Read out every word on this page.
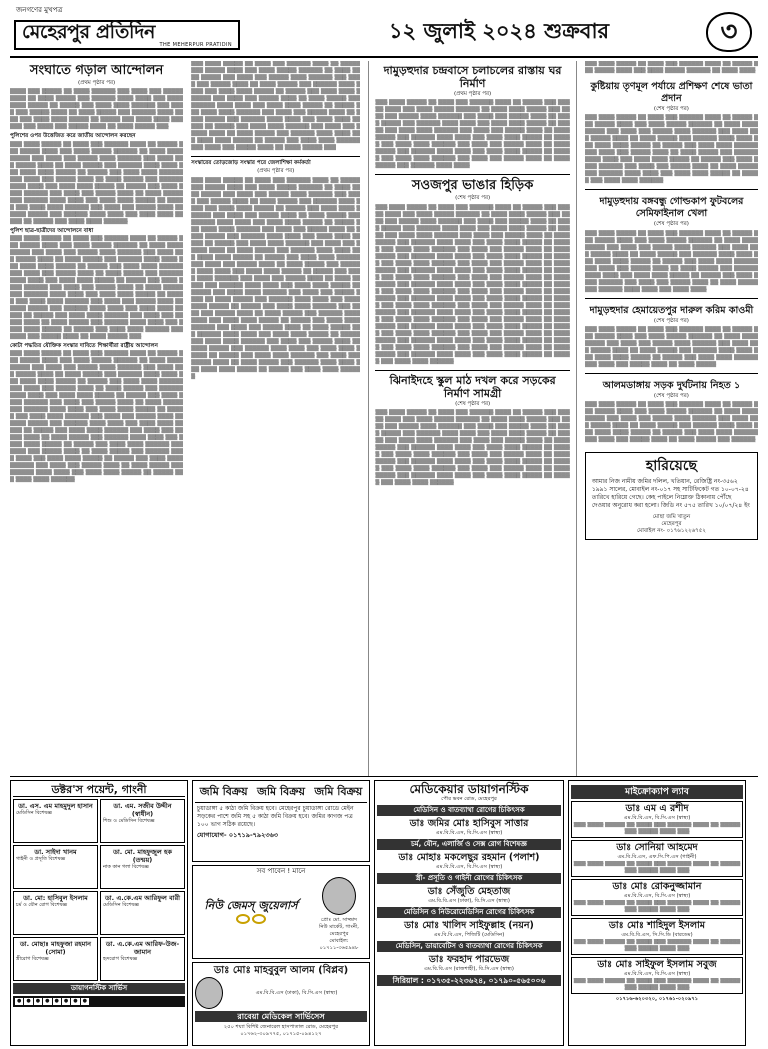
জনগণের মুখপত্র
মেহেরপুর প্রতিদিন
THE MEHERPUR PRATIDIN
১২ জুলাই ২০২৪ শুক্রবার	৩
সংঘাতে গড়াল আন্দোলন
(প্রথম পৃষ্ঠার পর)
▒▒▒▒ ▒▒▒ ▒▒▒▒▒ ▒▒ ▒▒▒▒ ▒▒▒▒▒▒ ▒▒▒ ▒▒▒▒ ▒▒▒ ▒▒▒▒▒ ▒▒▒▒ ▒▒ ▒▒▒▒ ▒▒▒▒▒ ▒▒▒ ▒▒▒▒▒▒ ▒▒▒▒ ▒▒▒▒ ▒▒▒ ▒▒▒▒ ▒▒▒▒ ▒▒▒▒▒ ▒▒ ▒▒▒▒▒ ▒▒▒ ▒▒▒▒ ▒▒▒▒ ▒▒▒▒▒▒ ▒▒▒ ▒▒▒▒ ▒▒▒ ▒▒▒▒▒ ▒▒▒▒ ▒▒ ▒▒▒▒ ▒▒▒▒▒ ▒▒▒ ▒▒▒▒▒▒ ▒▒▒▒ ▒▒▒▒ ▒▒▒ ▒▒▒▒ ▒▒▒▒ ▒▒▒▒▒ ▒▒ ▒▒▒▒▒ ▒▒▒ ▒▒▒▒ ▒▒▒▒ ▒▒▒▒▒▒ ▒▒▒ ▒▒▒▒ ▒▒▒ ▒▒▒▒▒ ▒▒▒▒ ▒▒ ▒▒▒▒ ▒▒▒▒▒ ▒▒▒
পুলিশের ওপর উত্তেজিত করে জাতীয় আন্দোলন করছেন
▒▒▒ ▒▒▒▒ ▒▒▒▒▒ ▒▒ ▒▒▒▒ ▒▒▒ ▒▒▒▒▒▒ ▒▒▒▒ ▒▒ ▒▒▒▒▒ ▒▒▒ ▒▒▒▒▒ ▒▒▒▒ ▒▒▒ ▒▒▒▒ ▒▒▒▒▒ ▒▒▒▒▒▒ ▒▒ ▒▒▒▒ ▒▒▒▒ ▒▒▒▒▒ ▒▒▒ ▒▒▒▒ ▒▒▒ ▒▒▒▒▒ ▒▒▒▒ ▒▒▒▒▒▒ ▒▒▒ ▒▒▒▒ ▒▒▒ ▒▒▒▒▒ ▒▒▒▒ ▒▒ ▒▒▒▒ ▒▒▒▒▒ ▒▒▒ ▒▒▒▒▒▒ ▒▒▒▒ ▒▒▒▒ ▒▒▒ ▒▒▒▒ ▒▒▒▒ ▒▒▒▒▒ ▒▒ ▒▒▒▒▒ ▒▒▒ ▒▒▒▒ ▒▒▒▒ ▒▒▒▒▒▒ ▒▒▒ ▒▒▒▒ ▒▒▒ ▒▒▒▒▒ ▒▒▒▒ ▒▒ ▒▒▒▒ ▒▒▒▒▒ ▒▒▒ ▒▒▒▒▒▒ ▒▒▒▒ ▒▒▒▒ ▒▒▒ ▒▒▒▒ ▒▒▒▒ ▒▒▒▒▒ ▒▒ ▒▒▒▒▒ ▒▒▒ ▒▒▒▒ ▒▒▒▒ ▒▒▒▒▒▒ ▒▒▒ ▒▒▒▒ ▒▒▒ ▒▒▒▒▒ ▒▒▒▒ ▒▒ ▒▒▒▒ ▒▒▒▒▒ ▒▒▒ ▒▒▒▒▒▒ ▒▒▒▒ ▒▒▒▒ ▒▒▒ ▒▒▒▒ ▒▒▒▒ ▒▒▒▒▒ ▒▒ ▒▒▒▒▒ ▒▒▒ ▒▒▒▒ ▒▒▒▒ ▒▒▒▒▒▒ ▒▒▒ ▒▒▒▒ ▒▒▒ ▒▒▒▒▒ ▒▒▒▒ ▒▒ ▒▒▒▒ ▒▒▒▒▒ ▒▒▒ ▒▒▒▒▒▒ ▒▒▒▒ ▒▒▒▒ ▒▒▒ ▒▒▒▒ ▒▒▒▒ ▒▒▒▒▒ ▒▒ ▒▒▒▒▒ ▒▒▒ ▒▒▒▒ ▒▒▒▒ ▒▒▒▒▒▒
পুলিশ ছাত্র-ছাত্রীদের আন্দোলনে বাধা
▒▒▒ ▒▒▒▒ ▒▒▒▒▒ ▒▒ ▒▒▒▒ ▒▒▒ ▒▒▒▒▒▒ ▒▒▒▒ ▒▒ ▒▒▒▒▒ ▒▒▒ ▒▒▒▒▒ ▒▒▒▒ ▒▒▒ ▒▒▒▒ ▒▒▒▒▒ ▒▒▒▒▒▒ ▒▒ ▒▒▒▒ ▒▒▒▒ ▒▒▒▒▒ ▒▒▒ ▒▒▒▒ ▒▒▒ ▒▒▒▒▒ ▒▒▒▒ ▒▒▒▒▒▒ ▒▒▒ ▒▒▒▒ ▒▒▒ ▒▒▒▒▒ ▒▒▒▒ ▒▒ ▒▒▒▒ ▒▒▒▒▒ ▒▒▒ ▒▒▒▒▒▒ ▒▒▒▒ ▒▒▒▒ ▒▒▒ ▒▒▒▒ ▒▒▒▒ ▒▒▒▒▒ ▒▒ ▒▒▒▒▒ ▒▒▒ ▒▒▒▒ ▒▒▒▒ ▒▒▒▒▒▒ ▒▒▒ ▒▒▒▒ ▒▒▒ ▒▒▒▒▒ ▒▒▒▒ ▒▒ ▒▒▒▒ ▒▒▒▒▒ ▒▒▒ ▒▒▒▒▒▒ ▒▒▒▒ ▒▒▒▒ ▒▒▒ ▒▒▒▒ ▒▒▒▒ ▒▒▒▒▒ ▒▒ ▒▒▒▒▒ ▒▒▒ ▒▒▒▒ ▒▒▒▒ ▒▒▒▒▒▒ ▒▒▒ ▒▒▒▒ ▒▒▒ ▒▒▒▒▒ ▒▒▒▒ ▒▒ ▒▒▒▒ ▒▒▒▒▒ ▒▒▒ ▒▒▒▒▒▒ ▒▒▒▒ ▒▒▒▒ ▒▒▒ ▒▒▒▒ ▒▒▒▒ ▒▒▒▒▒ ▒▒ ▒▒▒▒▒ ▒▒▒ ▒▒▒▒ ▒▒▒▒ ▒▒▒▒▒▒ ▒▒▒ ▒▒▒▒ ▒▒▒ ▒▒▒▒▒ ▒▒▒▒ ▒▒ ▒▒▒▒ ▒▒▒▒▒ ▒▒▒ ▒▒▒▒▒▒ ▒▒▒▒ ▒▒▒▒ ▒▒▒ ▒▒▒▒ ▒▒▒▒ ▒▒▒▒▒ ▒▒ ▒▒▒▒▒ ▒▒▒ ▒▒▒▒ ▒▒▒▒ ▒▒▒▒▒▒ ▒▒▒ ▒▒▒▒ ▒▒▒ ▒▒▒▒▒ ▒▒▒▒ ▒▒ ▒▒▒▒ ▒▒▒▒▒ ▒▒▒ ▒▒▒▒▒▒ ▒▒▒▒ ▒▒▒▒ ▒▒▒ ▒▒▒▒ ▒▒▒▒ ▒▒▒▒▒ ▒▒ ▒▒▒▒▒ ▒▒▒ ▒▒▒▒ ▒▒▒▒ ▒▒▒▒▒▒ ▒▒▒ ▒▒▒▒ ▒▒▒ ▒▒▒▒▒ ▒▒▒▒ ▒▒ ▒▒▒▒ ▒▒▒▒▒ ▒▒▒
কোটা পদ্ধতির যৌক্তিক সংস্কার দাবিতে শিক্ষার্থীরা রাষ্ট্রীয় আন্দোলন
▒▒▒ ▒▒▒▒ ▒▒▒▒▒ ▒▒ ▒▒▒▒ ▒▒▒ ▒▒▒▒▒▒ ▒▒▒▒ ▒▒ ▒▒▒▒▒ ▒▒▒ ▒▒▒▒▒ ▒▒▒▒ ▒▒▒ ▒▒▒▒ ▒▒▒▒▒ ▒▒▒▒▒▒ ▒▒ ▒▒▒▒ ▒▒▒▒ ▒▒▒▒▒ ▒▒▒ ▒▒▒▒ ▒▒▒ ▒▒▒▒▒ ▒▒▒▒ ▒▒▒▒▒▒ ▒▒▒ ▒▒▒▒ ▒▒▒ ▒▒▒▒▒ ▒▒▒▒ ▒▒ ▒▒▒▒ ▒▒▒▒▒ ▒▒▒ ▒▒▒▒▒▒ ▒▒▒▒ ▒▒▒▒ ▒▒▒ ▒▒▒▒ ▒▒▒▒ ▒▒▒▒▒ ▒▒ ▒▒▒▒▒ ▒▒▒ ▒▒▒▒ ▒▒▒▒ ▒▒▒▒▒▒ ▒▒▒ ▒▒▒▒ ▒▒▒ ▒▒▒▒▒ ▒▒▒▒ ▒▒ ▒▒▒▒ ▒▒▒▒▒ ▒▒▒ ▒▒▒▒▒▒ ▒▒▒▒ ▒▒▒▒ ▒▒▒ ▒▒▒▒ ▒▒▒▒ ▒▒▒▒▒ ▒▒ ▒▒▒▒▒ ▒▒▒ ▒▒▒▒ ▒▒▒▒ ▒▒▒▒▒▒ ▒▒▒ ▒▒▒▒ ▒▒▒ ▒▒▒▒▒ ▒▒▒▒ ▒▒ ▒▒▒▒ ▒▒▒▒▒ ▒▒▒ ▒▒▒▒▒▒ ▒▒▒▒ ▒▒▒▒ ▒▒▒ ▒▒▒▒ ▒▒▒▒ ▒▒▒▒▒ ▒▒ ▒▒▒▒▒ ▒▒▒ ▒▒▒▒ ▒▒▒▒ ▒▒▒▒▒▒ ▒▒▒ ▒▒▒▒ ▒▒▒ ▒▒▒▒▒ ▒▒▒▒ ▒▒ ▒▒▒▒ ▒▒▒▒▒ ▒▒▒ ▒▒▒▒▒▒ ▒▒▒▒ ▒▒▒▒ ▒▒▒ ▒▒▒▒ ▒▒▒▒ ▒▒▒▒▒ ▒▒ ▒▒▒▒▒ ▒▒▒ ▒▒▒▒ ▒▒▒▒ ▒▒▒▒▒▒ ▒▒▒ ▒▒▒▒ ▒▒▒ ▒▒▒▒▒ ▒▒▒▒ ▒▒ ▒▒▒▒ ▒▒▒▒▒ ▒▒▒ ▒▒▒▒▒▒ ▒▒▒▒ ▒▒▒▒ ▒▒▒ ▒▒▒▒ ▒▒▒▒ ▒▒▒▒▒ ▒▒ ▒▒▒▒▒ ▒▒▒ ▒▒▒▒ ▒▒▒▒ ▒▒▒▒▒▒ ▒▒▒ ▒▒▒▒ ▒▒▒ ▒▒▒▒▒ ▒▒▒▒ ▒▒ ▒▒▒▒ ▒▒▒▒▒ ▒▒▒ ▒▒▒▒▒▒ ▒▒▒▒ ▒▒▒▒ ▒▒▒ ▒▒▒▒ ▒▒▒▒ ▒▒▒▒▒ ▒▒ ▒▒▒▒▒ ▒▒▒ ▒▒▒▒ ▒▒▒▒ ▒▒▒▒▒▒ ▒▒▒ ▒▒▒▒ ▒▒▒ ▒▒▒▒▒ ▒▒▒▒ ▒▒ ▒▒▒▒ ▒▒▒▒▒ ▒▒▒ ▒▒▒▒▒▒ ▒▒▒▒ ▒▒▒▒ ▒▒▒ ▒▒▒▒ ▒▒▒▒ ▒▒▒▒▒ ▒▒ ▒▒▒▒▒ ▒▒▒ ▒▒▒▒ ▒▒▒▒ ▒▒▒▒▒▒
▒▒▒ ▒▒▒▒ ▒▒▒▒▒ ▒▒ ▒▒▒▒ ▒▒▒ ▒▒▒▒▒▒ ▒▒▒▒ ▒▒ ▒▒▒▒▒ ▒▒▒ ▒▒▒▒▒ ▒▒▒▒ ▒▒▒ ▒▒▒▒ ▒▒▒▒▒ ▒▒▒▒▒▒ ▒▒ ▒▒▒▒ ▒▒▒▒ ▒▒▒▒▒ ▒▒▒ ▒▒▒▒ ▒▒▒ ▒▒▒▒▒ ▒▒▒▒ ▒▒▒▒▒▒ ▒▒▒ ▒▒▒▒ ▒▒▒ ▒▒▒▒▒ ▒▒▒▒ ▒▒ ▒▒▒▒ ▒▒▒▒▒ ▒▒▒ ▒▒▒▒▒▒ ▒▒▒▒ ▒▒▒▒ ▒▒▒ ▒▒▒▒ ▒▒▒▒ ▒▒▒▒▒ ▒▒ ▒▒▒▒▒ ▒▒▒ ▒▒▒▒ ▒▒▒▒ ▒▒▒▒▒▒ ▒▒▒ ▒▒▒▒ ▒▒▒ ▒▒▒▒▒ ▒▒▒▒ ▒▒ ▒▒▒▒ ▒▒▒▒▒ ▒▒▒ ▒▒▒▒▒▒ ▒▒▒▒ ▒▒▒▒ ▒▒▒ ▒▒▒▒ ▒▒▒▒ ▒▒▒▒▒ ▒▒ ▒▒▒▒▒ ▒▒▒ ▒▒▒▒ ▒▒▒▒ ▒▒▒▒▒▒ ▒▒▒ ▒▒▒▒ ▒▒▒ ▒▒▒▒▒ ▒▒▒▒ ▒▒ ▒▒▒▒ ▒▒▒▒▒ ▒▒▒ ▒▒▒▒▒▒ ▒▒▒▒ ▒▒▒▒ ▒▒▒ ▒▒▒▒ ▒▒▒▒ ▒▒▒▒▒ ▒▒ ▒▒▒▒▒ ▒▒▒ ▒▒▒▒ ▒▒▒▒ ▒▒▒▒▒▒ ▒▒▒ ▒▒▒▒ ▒▒▒ ▒▒▒▒▒ ▒▒▒▒ ▒▒ ▒▒▒▒ ▒▒▒▒▒ ▒▒▒ ▒▒▒▒▒▒ ▒▒▒▒ ▒▒▒▒ ▒▒▒ ▒▒▒▒ ▒▒▒▒ ▒▒▒▒▒ ▒▒ ▒▒▒▒▒ ▒▒▒ ▒▒▒▒ ▒▒▒▒ ▒▒▒▒▒▒ ▒▒▒ ▒▒▒▒ ▒▒▒ ▒▒▒▒▒ ▒▒▒▒ ▒▒ ▒▒▒▒ ▒▒▒▒▒ ▒▒▒
সংস্কারের তোড়জোড় সংস্কার পরে জেলাশিক্ষা কর্মকর্তা
(প্রথম পৃষ্ঠার পর)
▒▒▒ ▒▒▒▒ ▒▒▒▒▒ ▒▒ ▒▒▒▒ ▒▒▒ ▒▒▒▒▒▒ ▒▒▒▒ ▒▒ ▒▒▒▒▒ ▒▒▒ ▒▒▒▒▒ ▒▒▒▒ ▒▒▒ ▒▒▒▒ ▒▒▒▒▒ ▒▒▒▒▒▒ ▒▒ ▒▒▒▒ ▒▒▒▒ ▒▒▒▒▒ ▒▒▒ ▒▒▒▒ ▒▒▒ ▒▒▒▒▒ ▒▒▒▒ ▒▒▒▒▒▒ ▒▒▒ ▒▒▒▒ ▒▒▒ ▒▒▒▒▒ ▒▒▒▒ ▒▒ ▒▒▒▒ ▒▒▒▒▒ ▒▒▒ ▒▒▒▒▒▒ ▒▒▒▒ ▒▒▒▒ ▒▒▒ ▒▒▒▒ ▒▒▒▒ ▒▒▒▒▒ ▒▒ ▒▒▒▒▒ ▒▒▒ ▒▒▒▒ ▒▒▒▒ ▒▒▒▒▒▒ ▒▒▒ ▒▒▒▒ ▒▒▒ ▒▒▒▒▒ ▒▒▒▒ ▒▒ ▒▒▒▒ ▒▒▒▒▒ ▒▒▒ ▒▒▒▒▒▒ ▒▒▒▒ ▒▒▒▒ ▒▒▒ ▒▒▒▒ ▒▒▒▒ ▒▒▒▒▒ ▒▒ ▒▒▒▒▒ ▒▒▒ ▒▒▒▒ ▒▒▒▒ ▒▒▒▒▒▒ ▒▒▒ ▒▒▒▒ ▒▒▒ ▒▒▒▒▒ ▒▒▒▒ ▒▒ ▒▒▒▒ ▒▒▒▒▒ ▒▒▒ ▒▒▒▒▒▒ ▒▒▒▒ ▒▒▒▒ ▒▒▒ ▒▒▒▒ ▒▒▒▒ ▒▒▒▒▒ ▒▒ ▒▒▒▒▒ ▒▒▒ ▒▒▒▒ ▒▒▒▒ ▒▒▒▒▒▒ ▒▒▒ ▒▒▒▒ ▒▒▒ ▒▒▒▒▒ ▒▒▒▒ ▒▒ ▒▒▒▒ ▒▒▒▒▒ ▒▒▒ ▒▒▒▒▒▒ ▒▒▒▒ ▒▒▒▒ ▒▒▒ ▒▒▒▒ ▒▒▒▒ ▒▒▒▒▒ ▒▒ ▒▒▒▒▒ ▒▒▒ ▒▒▒▒ ▒▒▒▒ ▒▒▒▒▒▒ ▒▒▒ ▒▒▒▒ ▒▒▒ ▒▒▒▒▒ ▒▒▒▒ ▒▒ ▒▒▒▒ ▒▒▒▒▒ ▒▒▒ ▒▒▒▒▒▒ ▒▒▒▒ ▒▒▒▒ ▒▒▒ ▒▒▒▒ ▒▒▒▒ ▒▒▒▒▒ ▒▒ ▒▒▒▒▒ ▒▒▒ ▒▒▒▒ ▒▒▒▒ ▒▒▒▒▒▒ ▒▒▒ ▒▒▒▒ ▒▒▒ ▒▒▒▒▒ ▒▒▒▒ ▒▒ ▒▒▒▒ ▒▒▒▒▒ ▒▒▒ ▒▒▒▒▒▒ ▒▒▒▒ ▒▒▒▒ ▒▒▒ ▒▒▒▒ ▒▒▒▒ ▒▒▒▒▒ ▒▒ ▒▒▒▒▒ ▒▒▒ ▒▒▒▒ ▒▒▒▒ ▒▒▒▒▒▒ ▒▒▒ ▒▒▒▒ ▒▒▒ ▒▒▒▒▒ ▒▒▒▒ ▒▒ ▒▒▒▒ ▒▒▒▒▒ ▒▒▒ ▒▒▒▒▒▒ ▒▒▒▒ ▒▒▒▒ ▒▒▒ ▒▒▒▒ ▒▒▒▒ ▒▒▒▒▒ ▒▒ ▒▒▒▒▒ ▒▒▒ ▒▒▒▒ ▒▒▒▒ ▒▒▒▒▒▒ ▒▒▒ ▒▒▒▒ ▒▒▒ ▒▒▒▒▒ ▒▒▒▒ ▒▒ ▒▒▒▒ ▒▒▒▒▒ ▒▒▒ ▒▒▒▒▒▒ ▒▒▒▒ ▒▒▒▒ ▒▒▒ ▒▒▒▒ ▒▒▒▒ ▒▒▒▒▒ ▒▒ ▒▒▒▒▒ ▒▒▒ ▒▒▒▒ ▒▒▒▒ ▒▒▒▒▒▒ ▒▒▒ ▒▒▒▒ ▒▒▒ ▒▒▒▒▒ ▒▒▒▒ ▒▒ ▒▒▒▒ ▒▒▒▒▒ ▒▒▒ ▒▒▒▒▒▒ ▒▒▒▒ ▒▒▒▒ ▒▒▒ ▒▒▒▒ ▒▒▒▒ ▒▒▒▒▒ ▒▒ ▒▒▒▒▒ ▒▒▒ ▒▒▒▒ ▒▒▒▒ ▒▒▒▒▒▒ ▒▒▒ ▒▒▒▒ ▒▒▒ ▒▒▒▒▒ ▒▒▒▒ ▒▒ ▒▒▒▒ ▒▒▒▒▒ ▒▒▒ ▒▒▒▒▒▒ ▒▒▒▒ ▒▒▒▒ ▒▒▒ ▒▒▒▒ ▒▒▒▒ ▒▒▒▒▒ ▒▒ ▒▒▒▒▒ ▒▒▒ ▒▒▒▒ ▒▒▒▒ ▒▒▒▒▒▒ ▒▒▒ ▒▒▒▒ ▒▒▒ ▒▒▒▒▒ ▒▒▒▒ ▒▒ ▒▒▒▒ ▒▒▒▒▒ ▒▒▒ ▒▒▒▒▒▒ ▒▒▒▒ ▒▒▒▒ ▒▒▒ ▒▒▒▒ ▒▒▒▒ ▒▒▒▒▒ ▒▒ ▒▒▒▒▒ ▒▒▒ ▒▒▒▒ ▒▒▒▒ ▒▒▒▒▒▒
দামুড়হুদার চন্দ্রবাসে চলাচলের রাস্তায় ঘর নির্মাণ
(প্রথম পৃষ্ঠার পর)
▒▒▒ ▒▒▒▒ ▒▒▒▒▒ ▒▒ ▒▒▒▒ ▒▒▒ ▒▒▒▒▒▒ ▒▒▒▒ ▒▒ ▒▒▒▒▒ ▒▒▒ ▒▒▒▒▒ ▒▒▒▒ ▒▒▒ ▒▒▒▒ ▒▒▒▒▒ ▒▒▒▒▒▒ ▒▒ ▒▒▒▒ ▒▒▒▒ ▒▒▒▒▒ ▒▒▒ ▒▒▒▒ ▒▒▒ ▒▒▒▒▒ ▒▒▒▒ ▒▒▒▒▒▒ ▒▒▒ ▒▒▒▒ ▒▒▒ ▒▒▒▒▒ ▒▒▒▒ ▒▒ ▒▒▒▒ ▒▒▒▒▒ ▒▒▒ ▒▒▒▒▒▒ ▒▒▒▒ ▒▒▒▒ ▒▒▒ ▒▒▒▒ ▒▒▒▒ ▒▒▒▒▒ ▒▒ ▒▒▒▒▒ ▒▒▒ ▒▒▒▒ ▒▒▒▒ ▒▒▒▒▒▒ ▒▒▒ ▒▒▒▒ ▒▒▒ ▒▒▒▒▒ ▒▒▒▒ ▒▒ ▒▒▒▒ ▒▒▒▒▒ ▒▒▒ ▒▒▒▒▒▒ ▒▒▒▒ ▒▒▒▒ ▒▒▒ ▒▒▒▒ ▒▒▒▒ ▒▒▒▒▒ ▒▒ ▒▒▒▒▒ ▒▒▒ ▒▒▒▒ ▒▒▒▒ ▒▒▒▒▒▒ ▒▒▒ ▒▒▒▒ ▒▒▒ ▒▒▒▒▒ ▒▒▒▒ ▒▒ ▒▒▒▒ ▒▒▒▒▒ ▒▒▒ ▒▒▒▒▒▒ ▒▒▒▒ ▒▒▒▒ ▒▒▒ ▒▒▒▒ ▒▒▒▒ ▒▒▒▒▒ ▒▒ ▒▒▒▒▒ ▒▒▒ ▒▒▒▒ ▒▒▒▒ ▒▒▒▒▒▒ ▒▒▒ ▒▒▒▒ ▒▒▒ ▒▒▒▒▒ ▒▒▒▒ ▒▒ ▒▒▒▒ ▒▒▒▒▒ ▒▒▒ ▒▒▒▒▒▒ ▒▒▒▒ ▒▒▒▒
সওজপুর ভাঙার হিড়িক
(শেষ পৃষ্ঠার পর)
▒▒▒ ▒▒▒▒ ▒▒▒▒▒ ▒▒ ▒▒▒▒ ▒▒▒ ▒▒▒▒▒▒ ▒▒▒▒ ▒▒ ▒▒▒▒▒ ▒▒▒ ▒▒▒▒▒ ▒▒▒▒ ▒▒▒ ▒▒▒▒ ▒▒▒▒▒ ▒▒▒▒▒▒ ▒▒ ▒▒▒▒ ▒▒▒▒ ▒▒▒▒▒ ▒▒▒ ▒▒▒▒ ▒▒▒ ▒▒▒▒▒ ▒▒▒▒ ▒▒▒▒▒▒ ▒▒▒ ▒▒▒▒ ▒▒▒ ▒▒▒▒▒ ▒▒▒▒ ▒▒ ▒▒▒▒ ▒▒▒▒▒ ▒▒▒ ▒▒▒▒▒▒ ▒▒▒▒ ▒▒▒▒ ▒▒▒ ▒▒▒▒ ▒▒▒▒ ▒▒▒▒▒ ▒▒ ▒▒▒▒▒ ▒▒▒ ▒▒▒▒ ▒▒▒▒ ▒▒▒▒▒▒ ▒▒▒ ▒▒▒▒ ▒▒▒ ▒▒▒▒▒ ▒▒▒▒ ▒▒ ▒▒▒▒ ▒▒▒▒▒ ▒▒▒ ▒▒▒▒▒▒ ▒▒▒▒ ▒▒▒▒ ▒▒▒ ▒▒▒▒ ▒▒▒▒ ▒▒▒▒▒ ▒▒ ▒▒▒▒▒ ▒▒▒ ▒▒▒▒ ▒▒▒▒ ▒▒▒▒▒▒ ▒▒▒ ▒▒▒▒ ▒▒▒ ▒▒▒▒▒ ▒▒▒▒ ▒▒ ▒▒▒▒ ▒▒▒▒▒ ▒▒▒ ▒▒▒▒▒▒ ▒▒▒▒ ▒▒▒▒ ▒▒▒ ▒▒▒▒ ▒▒▒▒ ▒▒▒▒▒ ▒▒ ▒▒▒▒▒ ▒▒▒ ▒▒▒▒ ▒▒▒▒ ▒▒▒▒▒▒ ▒▒▒ ▒▒▒▒ ▒▒▒ ▒▒▒▒▒ ▒▒▒▒ ▒▒ ▒▒▒▒ ▒▒▒▒▒ ▒▒▒ ▒▒▒▒▒▒ ▒▒▒▒ ▒▒▒▒ ▒▒▒ ▒▒▒▒ ▒▒▒▒ ▒▒▒▒▒ ▒▒ ▒▒▒▒▒ ▒▒▒ ▒▒▒▒ ▒▒▒▒ ▒▒▒▒▒▒ ▒▒▒ ▒▒▒▒ ▒▒▒ ▒▒▒▒▒ ▒▒▒▒ ▒▒ ▒▒▒▒ ▒▒▒▒▒ ▒▒▒ ▒▒▒▒▒▒ ▒▒▒▒ ▒▒▒▒ ▒▒▒ ▒▒▒▒ ▒▒▒▒ ▒▒▒▒▒ ▒▒ ▒▒▒▒▒ ▒▒▒ ▒▒▒▒ ▒▒▒▒ ▒▒▒▒▒▒ ▒▒▒ ▒▒▒▒ ▒▒▒ ▒▒▒▒▒ ▒▒▒▒ ▒▒ ▒▒▒▒ ▒▒▒▒▒ ▒▒▒ ▒▒▒▒▒▒ ▒▒▒▒ ▒▒▒▒ ▒▒▒ ▒▒▒▒ ▒▒▒▒ ▒▒▒▒▒ ▒▒ ▒▒▒▒▒ ▒▒▒ ▒▒▒▒ ▒▒▒▒ ▒▒▒▒▒▒ ▒▒▒ ▒▒▒▒ ▒▒▒ ▒▒▒▒▒ ▒▒▒▒ ▒▒ ▒▒▒▒ ▒▒▒▒▒ ▒▒▒ ▒▒▒▒▒▒ ▒▒▒▒ ▒▒▒▒ ▒▒▒ ▒▒▒▒ ▒▒▒▒ ▒▒▒▒▒ ▒▒ ▒▒▒▒▒ ▒▒▒ ▒▒▒▒ ▒▒▒▒ ▒▒▒▒▒▒ ▒▒▒ ▒▒▒▒ ▒▒▒ ▒▒▒▒▒ ▒▒▒▒ ▒▒ ▒▒▒▒ ▒▒▒▒▒ ▒▒▒ ▒▒▒▒▒▒ ▒▒▒▒ ▒▒▒▒ ▒▒▒ ▒▒▒▒ ▒▒▒▒ ▒▒▒▒▒ ▒▒ ▒▒▒▒▒ ▒▒▒ ▒▒▒▒ ▒▒▒▒ ▒▒▒▒▒▒ ▒▒▒ ▒▒▒▒ ▒▒▒ ▒▒▒▒▒ ▒▒▒▒ ▒▒ ▒▒▒▒ ▒▒▒▒▒ ▒▒▒ ▒▒▒▒▒▒ ▒▒▒▒ ▒▒▒▒ ▒▒▒ ▒▒▒▒ ▒▒▒▒ ▒▒▒▒▒ ▒▒ ▒▒▒▒▒ ▒▒▒ ▒▒▒▒ ▒▒▒▒ ▒▒▒▒▒▒ ▒▒▒ ▒▒▒▒ ▒▒▒ ▒▒▒▒▒ ▒▒▒▒ ▒▒ ▒▒▒▒ ▒▒▒▒▒ ▒▒▒ ▒▒▒▒▒▒ ▒▒▒▒ ▒▒▒▒ ▒▒▒ ▒▒▒▒ ▒▒▒▒ ▒▒▒▒▒ ▒▒ ▒▒▒▒▒ ▒▒▒ ▒▒▒▒ ▒▒▒▒ ▒▒▒▒▒▒
ঝিনাইদহে স্কুল মাঠ দখল করে সড়কের নির্মাণ সামগ্রী
(শেষ পৃষ্ঠার পর)
▒▒▒ ▒▒▒▒ ▒▒▒▒▒ ▒▒ ▒▒▒▒ ▒▒▒ ▒▒▒▒▒▒ ▒▒▒▒ ▒▒ ▒▒▒▒▒ ▒▒▒ ▒▒▒▒▒ ▒▒▒▒ ▒▒▒ ▒▒▒▒ ▒▒▒▒▒ ▒▒▒▒▒▒ ▒▒ ▒▒▒▒ ▒▒▒▒ ▒▒▒▒▒ ▒▒▒ ▒▒▒▒ ▒▒▒ ▒▒▒▒▒ ▒▒▒▒ ▒▒▒▒▒▒ ▒▒▒ ▒▒▒▒ ▒▒▒ ▒▒▒▒▒ ▒▒▒▒ ▒▒ ▒▒▒▒ ▒▒▒▒▒ ▒▒▒ ▒▒▒▒▒▒ ▒▒▒▒ ▒▒▒▒ ▒▒▒ ▒▒▒▒ ▒▒▒▒ ▒▒▒▒▒ ▒▒ ▒▒▒▒▒ ▒▒▒ ▒▒▒▒ ▒▒▒▒ ▒▒▒▒▒▒ ▒▒▒ ▒▒▒▒ ▒▒▒ ▒▒▒▒▒ ▒▒▒▒ ▒▒ ▒▒▒▒ ▒▒▒▒▒ ▒▒▒ ▒▒▒▒▒▒ ▒▒▒▒ ▒▒▒▒ ▒▒▒ ▒▒▒▒ ▒▒▒▒ ▒▒▒▒▒ ▒▒ ▒▒▒▒▒ ▒▒▒ ▒▒▒▒ ▒▒▒▒ ▒▒▒▒▒▒ ▒▒▒ ▒▒▒▒ ▒▒▒ ▒▒▒▒▒ ▒▒▒▒ ▒▒ ▒▒▒▒ ▒▒▒▒▒ ▒▒▒ ▒▒▒▒▒▒ ▒▒▒▒ ▒▒▒▒ ▒▒▒ ▒▒▒▒ ▒▒▒▒ ▒▒▒▒▒ ▒▒ ▒▒▒▒▒ ▒▒▒ ▒▒▒▒ ▒▒▒▒ ▒▒▒▒▒▒ ▒▒▒ ▒▒▒▒ ▒▒▒ ▒▒▒▒▒ ▒▒▒▒ ▒▒ ▒▒▒▒ ▒▒▒▒▒ ▒▒▒ ▒▒▒▒▒▒ ▒▒▒▒ ▒▒▒▒ ▒▒▒ ▒▒▒▒ ▒▒▒▒ ▒▒▒▒▒ ▒▒ ▒▒▒▒▒ ▒▒▒ ▒▒▒▒ ▒▒▒▒ ▒▒▒▒▒▒
▒▒▒ ▒▒▒▒ ▒▒▒▒▒ ▒▒ ▒▒▒▒ ▒▒▒ ▒▒▒▒▒▒ ▒▒▒▒ ▒▒ ▒▒▒▒▒ ▒▒▒ ▒▒▒▒▒ ▒▒▒▒ ▒▒▒ ▒▒▒▒ ▒▒▒▒▒ ▒▒▒▒▒▒ ▒▒ ▒▒▒▒ ▒▒▒▒
কুষ্টিয়ায় তৃণমূল পর্যায়ে প্রশিক্ষণ শেষে ভাতা প্রদান
(শেষ পৃষ্ঠার পর)
▒▒▒ ▒▒▒▒ ▒▒▒▒▒ ▒▒ ▒▒▒▒ ▒▒▒ ▒▒▒▒▒▒ ▒▒▒▒ ▒▒ ▒▒▒▒▒ ▒▒▒ ▒▒▒▒▒ ▒▒▒▒ ▒▒▒ ▒▒▒▒ ▒▒▒▒▒ ▒▒▒▒▒▒ ▒▒ ▒▒▒▒ ▒▒▒▒ ▒▒▒▒▒ ▒▒▒ ▒▒▒▒ ▒▒▒ ▒▒▒▒▒ ▒▒▒▒ ▒▒▒▒▒▒ ▒▒▒ ▒▒▒▒ ▒▒▒ ▒▒▒▒▒ ▒▒▒▒ ▒▒ ▒▒▒▒ ▒▒▒▒▒ ▒▒▒ ▒▒▒▒▒▒ ▒▒▒▒ ▒▒▒▒ ▒▒▒ ▒▒▒▒ ▒▒▒▒ ▒▒▒▒▒ ▒▒ ▒▒▒▒▒ ▒▒▒ ▒▒▒▒ ▒▒▒▒ ▒▒▒▒▒▒ ▒▒▒ ▒▒▒▒ ▒▒▒ ▒▒▒▒▒ ▒▒▒▒ ▒▒ ▒▒▒▒ ▒▒▒▒▒ ▒▒▒ ▒▒▒▒▒▒ ▒▒▒▒ ▒▒▒▒ ▒▒▒ ▒▒▒▒ ▒▒▒▒ ▒▒▒▒▒ ▒▒ ▒▒▒▒▒ ▒▒▒ ▒▒▒▒ ▒▒▒▒ ▒▒▒▒▒▒ ▒▒▒ ▒▒▒▒ ▒▒▒ ▒▒▒▒▒ ▒▒▒▒ ▒▒ ▒▒▒▒ ▒▒▒▒▒ ▒▒▒ ▒▒▒▒▒▒ ▒▒▒▒ ▒▒▒▒ ▒▒▒ ▒▒▒▒ ▒▒▒▒ ▒▒▒▒▒ ▒▒ ▒▒▒▒▒ ▒▒▒ ▒▒▒▒ ▒▒▒▒ ▒▒▒▒▒▒
দামুড়হুদায় বঙ্গবন্ধু গোল্ডকাপ ফুটবলের সেমিফাইনাল খেলা
(শেষ পৃষ্ঠার পর)
▒▒▒ ▒▒▒▒ ▒▒▒▒▒ ▒▒ ▒▒▒▒ ▒▒▒ ▒▒▒▒▒▒ ▒▒▒▒ ▒▒ ▒▒▒▒▒ ▒▒▒ ▒▒▒▒▒ ▒▒▒▒ ▒▒▒ ▒▒▒▒ ▒▒▒▒▒ ▒▒▒▒▒▒ ▒▒ ▒▒▒▒ ▒▒▒▒ ▒▒▒▒▒ ▒▒▒ ▒▒▒▒ ▒▒▒ ▒▒▒▒▒ ▒▒▒▒ ▒▒▒▒▒▒ ▒▒▒ ▒▒▒▒ ▒▒▒ ▒▒▒▒▒ ▒▒▒▒ ▒▒ ▒▒▒▒ ▒▒▒▒▒ ▒▒▒ ▒▒▒▒▒▒ ▒▒▒▒ ▒▒▒▒ ▒▒▒ ▒▒▒▒ ▒▒▒▒ ▒▒▒▒▒ ▒▒ ▒▒▒▒▒ ▒▒▒ ▒▒▒▒ ▒▒▒▒ ▒▒▒▒▒▒ ▒▒▒ ▒▒▒▒ ▒▒▒ ▒▒▒▒▒ ▒▒▒▒ ▒▒ ▒▒▒▒ ▒▒▒▒▒ ▒▒▒ ▒▒▒▒▒▒ ▒▒▒▒ ▒▒▒▒ ▒▒▒ ▒▒▒▒ ▒▒▒▒ ▒▒▒▒▒ ▒▒ ▒▒▒▒▒ ▒▒▒ ▒▒▒▒ ▒▒▒▒ ▒▒▒▒▒▒ ▒▒▒ ▒▒▒▒ ▒▒▒ ▒▒▒▒▒ ▒▒▒▒ ▒▒ ▒▒▒▒ ▒▒▒▒▒ ▒▒▒ ▒▒▒▒▒▒ ▒▒▒▒ ▒▒▒▒ ▒▒▒ ▒▒▒▒ ▒▒▒▒
দামুড়হুদার হেমায়েতপুর দারুল করিম কাওমী
(শেষ পৃষ্ঠার পর)
▒▒▒ ▒▒▒▒ ▒▒▒▒▒ ▒▒ ▒▒▒▒ ▒▒▒ ▒▒▒▒▒▒ ▒▒▒▒ ▒▒ ▒▒▒▒▒ ▒▒▒ ▒▒▒▒▒ ▒▒▒▒ ▒▒▒ ▒▒▒▒ ▒▒▒▒▒ ▒▒▒▒▒▒ ▒▒ ▒▒▒▒ ▒▒▒▒ ▒▒▒▒▒ ▒▒▒ ▒▒▒▒ ▒▒▒ ▒▒▒▒▒ ▒▒▒▒ ▒▒▒▒▒▒ ▒▒▒ ▒▒▒▒ ▒▒▒ ▒▒▒▒▒ ▒▒▒▒ ▒▒ ▒▒▒▒ ▒▒▒▒▒ ▒▒▒ ▒▒▒▒▒▒ ▒▒▒▒ ▒▒▒▒ ▒▒▒ ▒▒▒▒ ▒▒▒▒ ▒▒▒▒▒ ▒▒ ▒▒▒▒▒ ▒▒▒ ▒▒▒▒ ▒▒▒▒ ▒▒▒▒▒▒ ▒▒▒ ▒▒▒▒ ▒▒▒ ▒▒▒▒▒ ▒▒▒▒ ▒▒ ▒▒▒▒ ▒▒▒▒▒
আলমডাঙ্গায় সড়ক দুর্ঘটনায় নিহত ১
(শেষ পৃষ্ঠার পর)
▒▒▒ ▒▒▒▒ ▒▒▒▒▒ ▒▒ ▒▒▒▒ ▒▒▒ ▒▒▒▒▒▒ ▒▒▒▒ ▒▒ ▒▒▒▒▒ ▒▒▒ ▒▒▒▒▒ ▒▒▒▒ ▒▒▒ ▒▒▒▒ ▒▒▒▒▒ ▒▒▒▒▒▒ ▒▒ ▒▒▒▒ ▒▒▒▒ ▒▒▒▒▒ ▒▒▒ ▒▒▒▒ ▒▒▒ ▒▒▒▒▒ ▒▒▒▒ ▒▒▒▒▒▒ ▒▒▒ ▒▒▒▒ ▒▒▒ ▒▒▒▒▒ ▒▒▒▒ ▒▒ ▒▒▒▒ ▒▒▒▒▒ ▒▒▒ ▒▒▒▒▒▒ ▒▒▒▒ ▒▒▒▒ ▒▒▒ ▒▒▒▒ ▒▒▒▒ ▒▒▒▒▒ ▒▒ ▒▒▒▒▒ ▒▒▒ ▒▒▒▒ ▒▒▒▒ ▒▒▒▒▒▒ ▒▒▒ ▒▒▒▒ ▒▒▒ ▒▒▒▒▒ ▒▒▒▒ ▒▒ ▒▒▒▒ ▒▒▒▒▒ ▒▒▒ ▒▒▒▒▒▒
হারিয়েছে

আমার নিজ নামীয় জমির দলিল, খতিয়ান, রেজিষ্ট্রি নং-৩৫৬২ ১৯৯১ সালের, মোবাইল নং-০১৭ সহ সাটিফিকেট গত ১০-০৭-২৪ তারিখে হারিয়ে গেছে। কেহ পাইলে নিম্নোক্ত ঠিকানায় পৌঁছে দেওয়ার অনুরোধ করা হলো। জিডি নং ৫৭৫ তারিখ ১০/০৭/২৪ ইং

মোছা জমি খাতুন
মেহেরপুর
মোবাইল নং- ০১৭৬১২২৬৭৫২
ডক্টর'স পয়েন্ট, গাংনী
ডা. এস. এম মাহমুদুল হাসান
মেডিসিন বিশেষজ্ঞ
ডা. এম. সজীব উদ্দীন (স্বাধীন)
শিশু ও মেডিসিন বিশেষজ্ঞ
ডা. সাইদা খানম
গাইনী ও প্রসূতি বিশেষজ্ঞ
ডা. মো. মাহফুজুল হক (তন্ময়)
নাক কান গলা বিশেষজ্ঞ
ডা. মো: হাসিবুল ইসলাম
চর্ম ও যৌন রোগ বিশেষজ্ঞ
ডা. এ.কে.এম আরিফুল বারী
মেডিসিন বিশেষজ্ঞ
ডা. মোছাঃ মাহফুজা রহমান (সোমা)
স্ত্রীরোগ বিশেষজ্ঞ
ডা. এ.কে.এম আরিফ-উজ-জামান
হৃদরোগ বিশেষজ্ঞ
ডায়াগনস্টিক সার্ভিস
●	●	●	●	●	●	●	●
জমি বিক্রয় জমি বিক্রয় জমি বিক্রয়
চুয়াডাঙ্গা ৫ কাঠা জমি বিক্রয় হবে। মেহেরপুর চুয়াডাঙ্গা রোডে মেইন সড়কের পাশে জমি সহ ৫ কাঠা জমি বিক্রয় হবে। জমির কাগজ পত্র ১০০ ভাগ সঠিক রয়েছে।
যোগাযোগ- ০১৭১৯-৭৯২৩৬৩
সব পাবেন ! মানে
নিউ জেমস্ জুয়েলার্স
প্রোঃ মো. সাজ্জাদ
নিউ মার্কেট, গাংনী, মেহেরপুর
মোবাইল: ০১৭১১-৩৬৫৯৪৮
ডাঃ মোঃ মাহবুবুল আলম (বিপ্লব)
এম.বি.বি.এস (ঢাকা), বি.সি.এস (স্বাস্থ্য)
রাবেয়া মেডিকেল সার্ভিসেস
২৫০ শয্যা বিশিষ্ট জেনারেল হাসপাতাল রোড, মেহেরপুর
০১৭৬২-৩০৯৭৭৫, ০১৭১৫-০৯৪১২৭
মেডিকেয়ার ডায়াগনস্টিক
পৌর ভবন রোড, মেহেরপুর
মেডিসিন ও বাতব্যাথা রোগের চিকিৎসক
ডাঃ জমির মোঃ হাসিবুস সাত্তার
এম.বি.বি.এস, বি.সি.এস (স্বাস্থ্য)
চর্ম, যৌন, এলার্জি ও সেক্স রোগ বিশেষজ্ঞ
ডাঃ মোহাঃ মকলেছুর রহমান (পলাশ)
এম.বি.বি.এস, বি.সি.এস (স্বাস্থ্য)
স্ত্রী- প্রসূতি ও গাইনী রোগের চিকিৎসক
ডাঃ সেঁজুতি মেহতাজ
এম.বি.বি.এস (ঢাকা), বি.সি.এস (স্বাস্থ্য)
মেডিসিন ও নিউরোমেডিসিন রোগের চিকিৎসক
ডাঃ মোঃ খালিদ সাইফুল্লাহ (নয়ন)
এম.বি.বি.এস, পিজিটি (মেডিসিন)
মেডিসিন, ডায়াবেটিস ও বাতব্যাথা রোগের চিকিৎসক
ডাঃ ফরহাদ পারভেজ
এম.বি.বি.এস (রাজশাহী), বি.সি.এস (স্বাস্থ্য)
সিরিয়াল : ০১৭৩৫-২২৩৬২৪, ০১৭৯০-৫৬৫০০৬
মাইক্রোক্যাপ ল্যাব
ডাঃ এম এ রশীদ
এম.বি.বি.এস, বি.সি.এস (স্বাস্থ্য)
▒▒▒ ▒▒▒▒ ▒▒▒▒▒ ▒▒ ▒▒▒▒ ▒▒▒ ▒▒▒▒▒▒ ▒▒▒▒ ▒▒ ▒▒▒▒▒ ▒▒▒ ▒▒▒▒▒ ▒▒▒▒ ▒▒▒
ডাঃ সোনিয়া আহমেদ
এম.বি.বি.এস, এফ.সি.পি.এস (গাইনী)
▒▒▒ ▒▒▒▒ ▒▒▒▒▒ ▒▒ ▒▒▒▒ ▒▒▒ ▒▒▒▒▒▒ ▒▒▒▒ ▒▒ ▒▒▒▒▒ ▒▒▒ ▒▒▒▒▒ ▒▒▒▒ ▒▒▒
ডাঃ মোঃ রোকনুজ্জামান
এম.বি.বি.এস, বি.সি.এস (স্বাস্থ্য)
▒▒▒ ▒▒▒▒ ▒▒▒▒▒ ▒▒ ▒▒▒▒ ▒▒▒ ▒▒▒▒▒▒ ▒▒▒▒ ▒▒ ▒▒▒▒▒ ▒▒▒ ▒▒▒▒▒ ▒▒▒▒ ▒▒▒
ডাঃ মোঃ শাহিদুল ইসলাম
এম.বি.বি.এস, সি.সি.ডি (বারডেম)
▒▒▒ ▒▒▒▒ ▒▒▒▒▒ ▒▒ ▒▒▒▒ ▒▒▒ ▒▒▒▒▒▒ ▒▒▒▒ ▒▒ ▒▒▒▒▒ ▒▒▒ ▒▒▒▒▒ ▒▒▒▒ ▒▒▒
ডাঃ মোঃ সাইফুল ইসলাম সবুজ
এম.বি.বি.এস, বি.সি.এস (স্বাস্থ্য)
▒▒▒ ▒▒▒▒ ▒▒▒▒▒ ▒▒ ▒▒▒▒ ▒▒▒ ▒▒▒▒▒▒ ▒▒▒▒ ▒▒ ▒▒▒▒▒ ▒▒▒ ▒▒▒▒▒ ▒▒▒▒ ▒▒▒
০১৭১৬-৬২০৩২০, ০১৭৬১-০২০৯৭১
